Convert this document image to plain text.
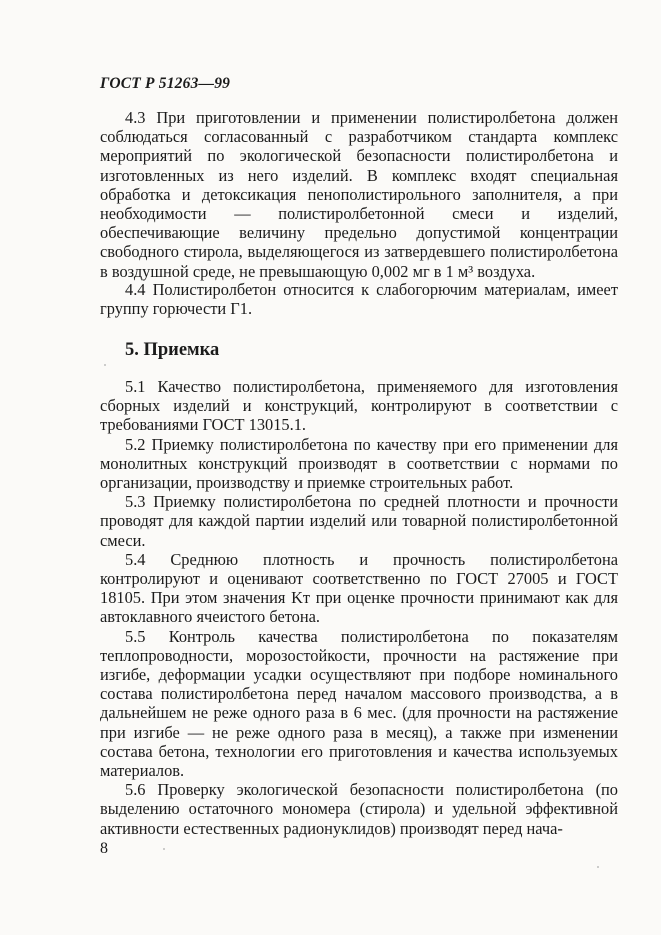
ГОСТ Р 51263—99

4.3 При приготовлении и применении полистиролбетона должен соблюдаться согласованный с разработчиком стандарта комплекс мероприятий по экологической безопасности полистиролбетона и изготовленных из него изделий. В комплекс входят специальная обработка и детоксикация пенополистирольного заполнителя, а при необходимости — полистиролбетонной смеси и изделий, обеспечивающие величину предельно допустимой концентрации свободного стирола, выделяющегося из затвердевшего полистиролбетона в воздушной среде, не превышающую 0,002 мг в 1 м³ воздуха.

4.4 Полистиролбетон относится к слабогорючим материалам, имеет группу горючести Г1.

5. Приемка

5.1 Качество полистиролбетона, применяемого для изготовления сборных изделий и конструкций, контролируют в соответствии с требованиями ГОСТ 13015.1.

5.2 Приемку полистиролбетона по качеству при его применении для монолитных конструкций производят в соответствии с нормами по организации, производству и приемке строительных работ.

5.3 Приемку полистиролбетона по средней плотности и прочности проводят для каждой партии изделий или товарной полистиролбетонной смеси.

5.4 Среднюю плотность и прочность полистиролбетона контролируют и оценивают соответственно по ГОСТ 27005 и ГОСТ 18105. При этом значения Kт при оценке прочности принимают как для автоклавного ячеистого бетона.

5.5 Контроль качества полистиролбетона по показателям теплопроводности, морозостойкости, прочности на растяжение при изгибе, деформации усадки осуществляют при подборе номинального состава полистиролбетона перед началом массового производства, а в дальнейшем не реже одного раза в 6 мес. (для прочности на растяжение при изгибе — не реже одного раза в месяц), а также при изменении состава бетона, технологии его приготовления и качества используемых материалов.

5.6 Проверку экологической безопасности полистиролбетона (по выделению остаточного мономера (стирола) и удельной эффективной активности естественных радионуклидов) производят перед нача-

8
